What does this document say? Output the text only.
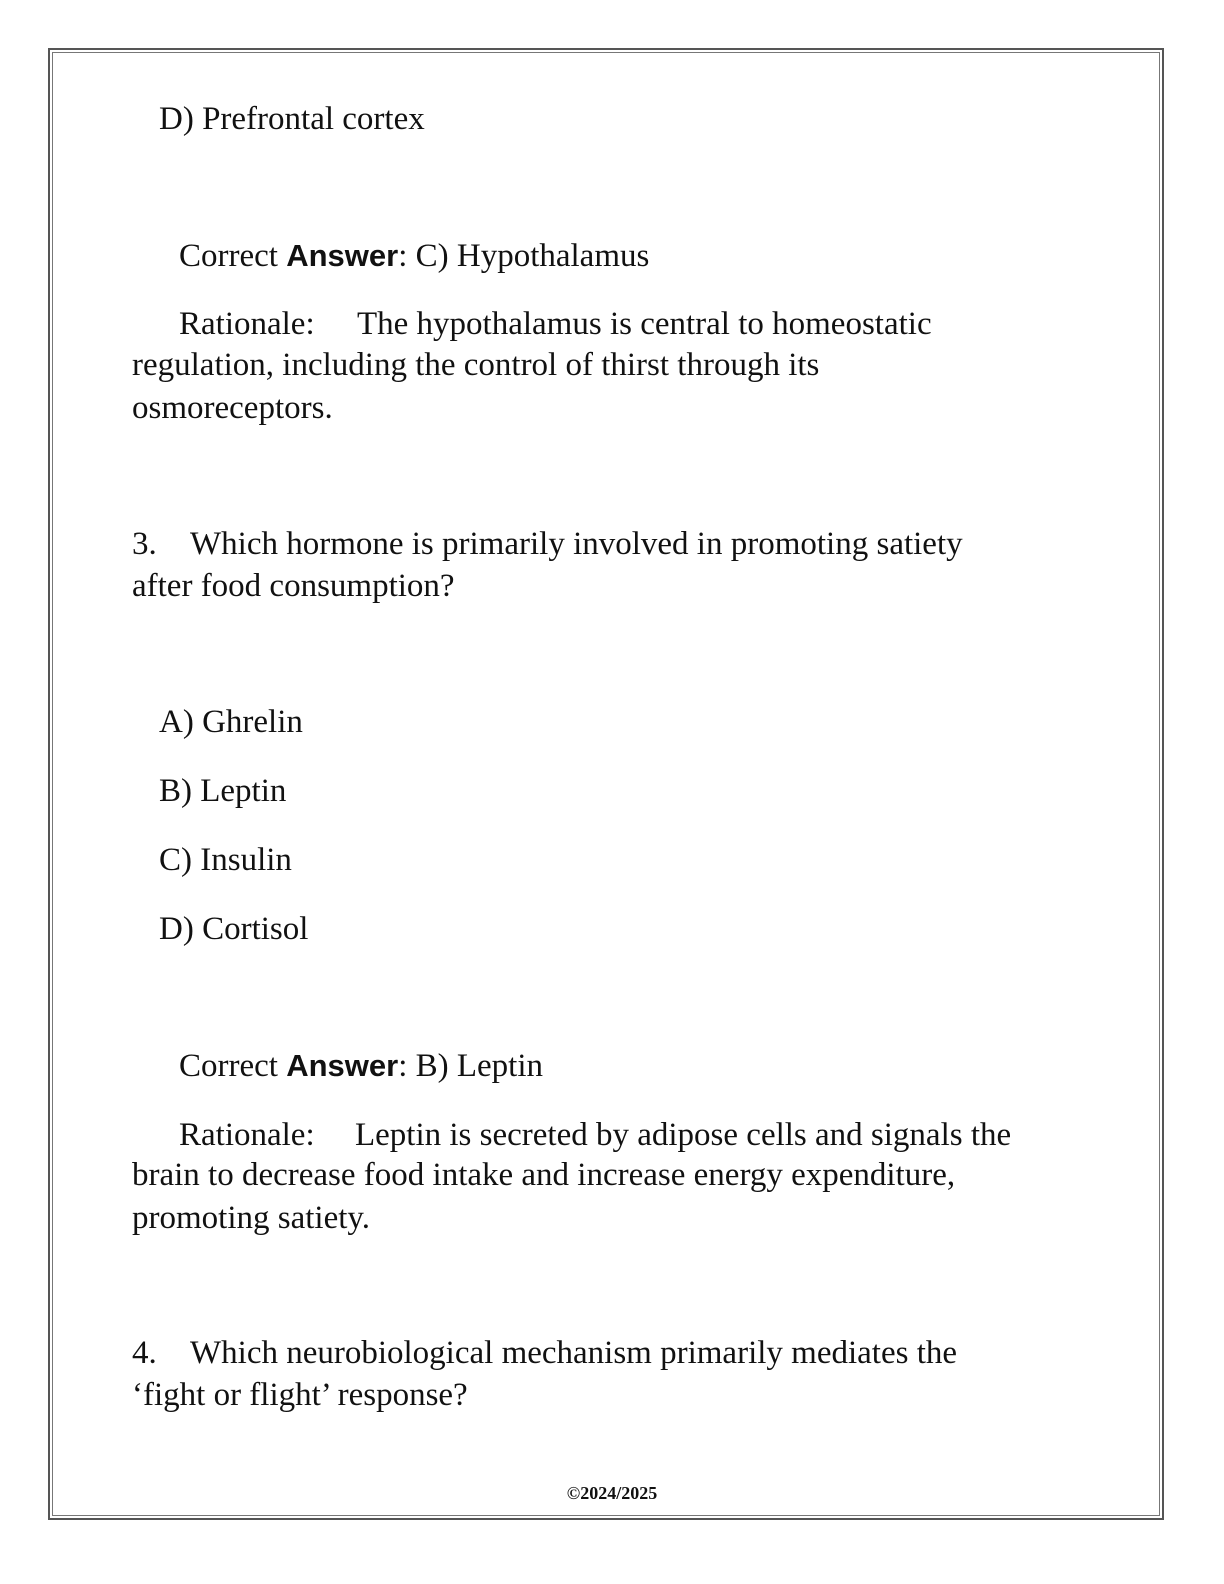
D) Prefrontal cortex

Correct Answer: C) Hypothalamus

Rationale: The hypothalamus is central to homeostatic

regulation, including the control of thirst through its

osmoreceptors.

3. Which hormone is primarily involved in promoting satiety

after food consumption?

A) Ghrelin

B) Leptin

C) Insulin

D) Cortisol

Correct Answer: B) Leptin

Rationale: Leptin is secreted by adipose cells and signals the

brain to decrease food intake and increase energy expenditure,

promoting satiety.

4. Which neurobiological mechanism primarily mediates the

‘fight or flight’ response?

©2024/2025
